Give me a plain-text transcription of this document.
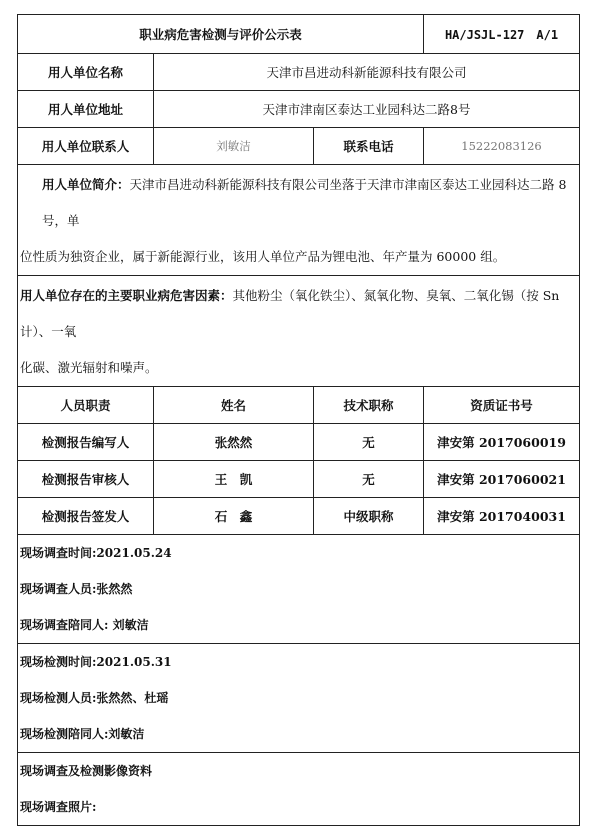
职业病危害检测与评价公示表			HA/JSJL-127　A/1
用人单位名称	天津市昌进动科新能源科技有限公司		
用人单位地址	天津市津南区泰达工业园科达二路8号		
用人单位联系人	刘敏洁	联系电话	15222083126

用人单位简介：天津市昌进动科新能源科技有限公司坐落于天津市津南区泰达工业园科达二路 8 号，单

位性质为独资企业，属于新能源行业，该用人单位产品为锂电池、年产量为 60000 组。			

用人单位存在的主要职业病危害因素：其他粉尘（氧化铁尘）、氮氧化物、臭氧、二氧化锡（按 Sn 计）、一氧

化碳、激光辐射和噪声。			

人员职责	姓名	技术职称	资质证书号
检测报告编写人	张然然	无	津安第 2017060019
检测报告审核人	王　凯	无	津安第 2017060021
检测报告签发人	石　鑫	中级职称	津安第 2017040031

现场调查时间:2021.05.24
现场调查人员:张然然
现场调查陪同人: 刘敏洁			

现场检测时间:2021.05.31
现场检测人员:张然然、杜瑶
现场检测陪同人:刘敏洁			

现场调查及检测影像资料
现场调查照片:			
